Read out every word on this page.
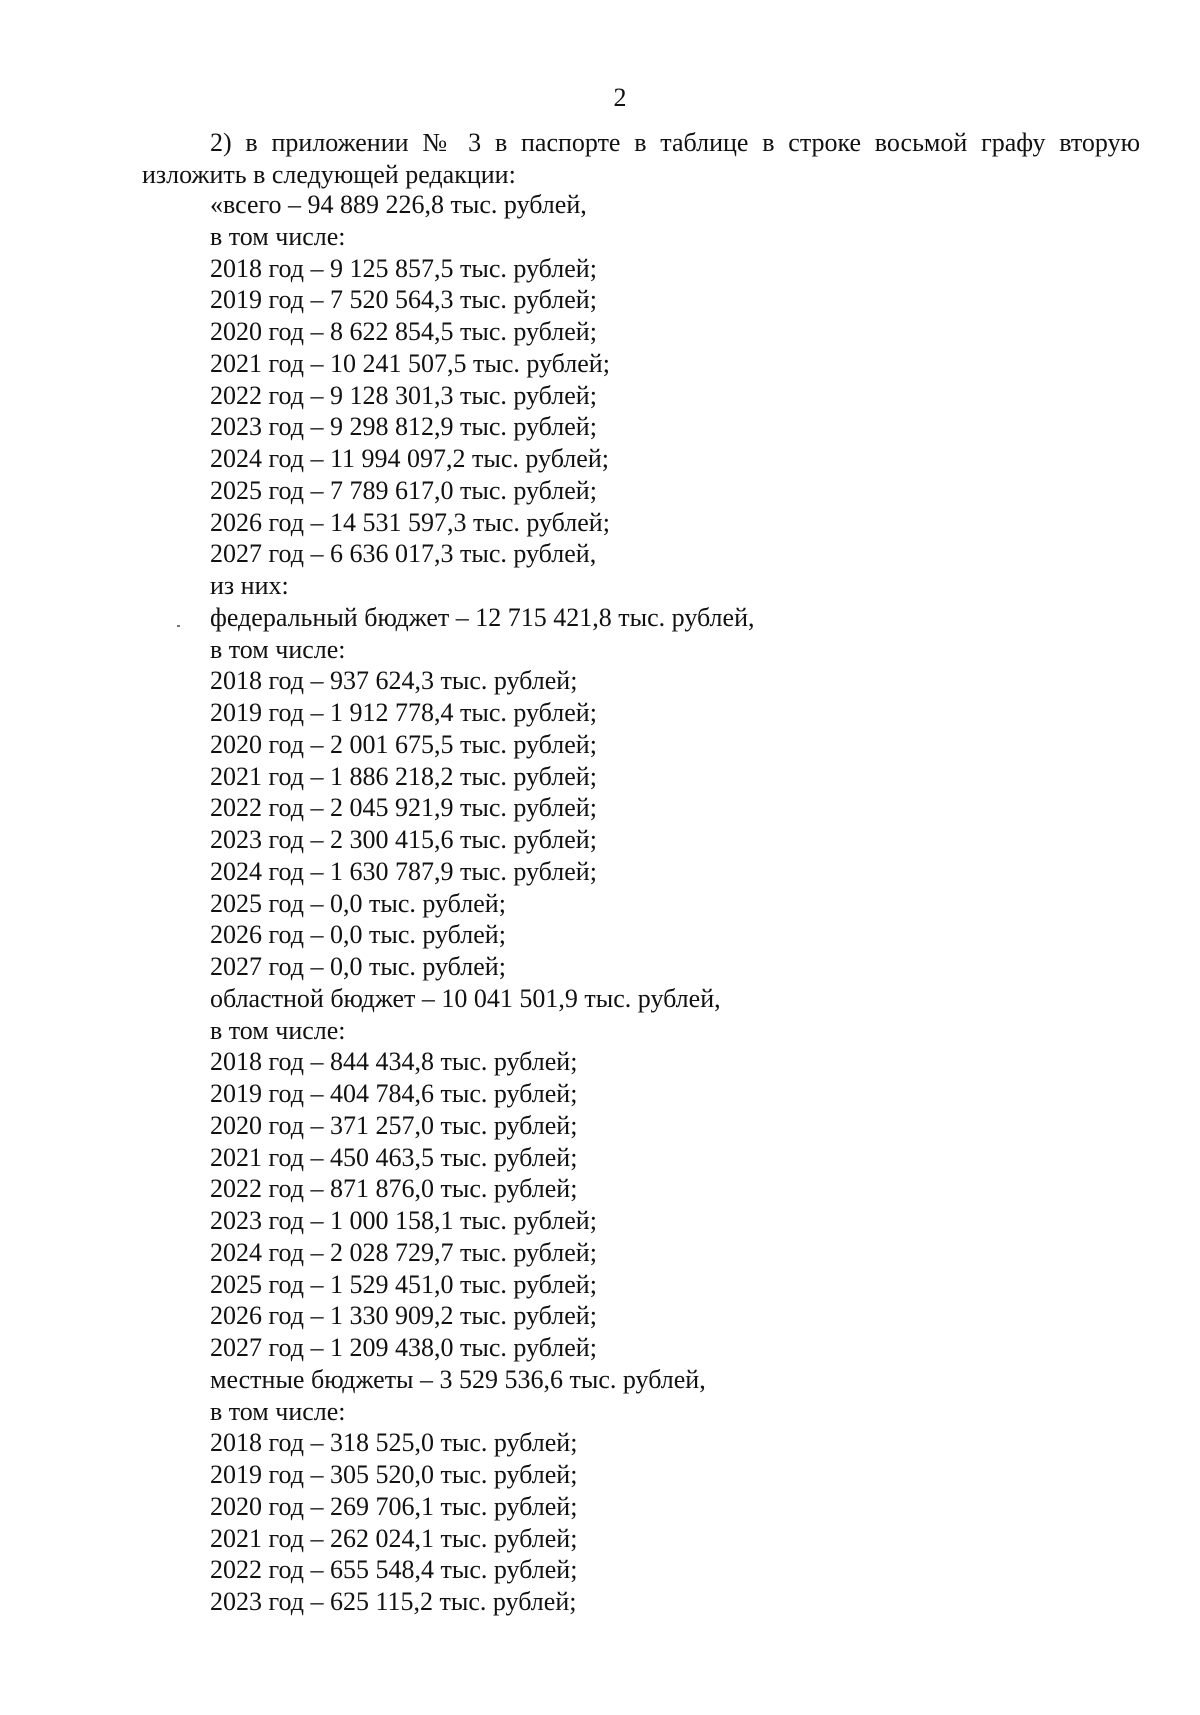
2

2) в приложении № 3 в паспорте в таблице в строке восьмой графу вторую изложить в следующей редакции:

«всего – 94 889 226,8 тыс. рублей,
в том числе:
2018 год – 9 125 857,5 тыс. рублей;
2019 год – 7 520 564,3 тыс. рублей;
2020 год – 8 622 854,5 тыс. рублей;
2021 год – 10 241 507,5 тыс. рублей;
2022 год – 9 128 301,3 тыс. рублей;
2023 год – 9 298 812,9 тыс. рублей;
2024 год – 11 994 097,2 тыс. рублей;
2025 год – 7 789 617,0 тыс. рублей;
2026 год – 14 531 597,3 тыс. рублей;
2027 год – 6 636 017,3 тыс. рублей,
из них:
федеральный бюджет – 12 715 421,8 тыс. рублей,
в том числе:
2018 год – 937 624,3 тыс. рублей;
2019 год – 1 912 778,4 тыс. рублей;
2020 год – 2 001 675,5 тыс. рублей;
2021 год – 1 886 218,2 тыс. рублей;
2022 год – 2 045 921,9 тыс. рублей;
2023 год – 2 300 415,6 тыс. рублей;
2024 год – 1 630 787,9 тыс. рублей;
2025 год – 0,0 тыс. рублей;
2026 год – 0,0 тыс. рублей;
2027 год – 0,0 тыс. рублей;
областной бюджет – 10 041 501,9 тыс. рублей,
в том числе:
2018 год – 844 434,8 тыс. рублей;
2019 год – 404 784,6 тыс. рублей;
2020 год – 371 257,0 тыс. рублей;
2021 год – 450 463,5 тыс. рублей;
2022 год – 871 876,0 тыс. рублей;
2023 год – 1 000 158,1 тыс. рублей;
2024 год – 2 028 729,7 тыс. рублей;
2025 год – 1 529 451,0 тыс. рублей;
2026 год – 1 330 909,2 тыс. рублей;
2027 год – 1 209 438,0 тыс. рублей;
местные бюджеты – 3 529 536,6 тыс. рублей,
в том числе:
2018 год – 318 525,0 тыс. рублей;
2019 год – 305 520,0 тыс. рублей;
2020 год – 269 706,1 тыс. рублей;
2021 год – 262 024,1 тыс. рублей;
2022 год – 655 548,4 тыс. рублей;
2023 год – 625 115,2 тыс. рублей;
